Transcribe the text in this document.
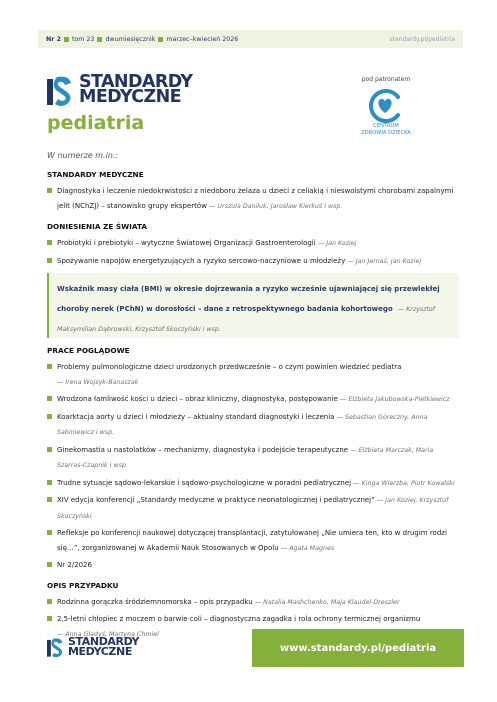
Nr 2 tom 23 dwumiesięcznik marzec–kwiecień 2026	standardy.pl/pediatria
STANDARDY
MEDYCZNE
pediatria
pod patronatem
CENTRUM
ZDROWIA DZIECKA
W numerze m.in.:
STANDARDY MEDYCZNE
Diagnostyka i leczenie niedokrwistości z niedoboru żelaza u dzieci z celiakią i nieswoistymi chorobami zapalnymi jelit (NChZJ) – stanowisko grupy ekspertów — Urszula Daniluk, Jarosław Kierkuś i wsp.
DONIESIENIA ZE ŚWIATA
Probiotyki i prebiotyki – wytyczne Światowej Organizacji Gastroenterologii — Jan Koziej
Spożywanie napojów energetyzujących a ryzyko sercowo-naczyniowe u młodzieży — Jan Jernaś, Jan Koziej
Wskaźnik masy ciała (BMI) w okresie dojrzewania a ryzyko wcześnie ujawniającej się przewlekłej choroby nerek (PChN) w dorosłości – dane z retrospektywnego badania kohortowego — Krzysztof Maksymilian Dąbrowski, Krzysztof Skoczyński i wsp.
PRACE POGLĄDOWE
Problemy pulmonologiczne dzieci urodzonych przedwcześnie – o czym powinien wiedzieć pediatra
— Irena Wojsyk-Banaszak
Wrodzona łamliwość kości u dzieci – obraz kliniczny, diagnostyka, postępowanie — Elżbieta Jakubowska-Pietkiewicz
Koarktacja aorty u dzieci i młodzieży – aktualny standard diagnostyki i leczenia — Sebastian Góreczny, Anna Sabiniewicz i wsp.
Ginekomastia u nastolatków – mechanizmy, diagnostyka i podejście terapeutyczne — Elżbieta Marczak, Maria Szarras-Czapnik i wsp.
Trudne sytuacje sądowo-lekarskie i sądowo-psychologiczne w poradni pediatrycznej — Kinga Wierzba, Piotr Kowalski
XIV edycja konferencji „Standardy medyczne w praktyce neonatologicznej i pediatrycznej” — Jan Koziej, Krzysztof Skoczyński
Refleksje po konferencji naukowej dotyczącej transplantacji, zatytułowanej „Nie umiera ten, kto w drugim rodzi się…”, zorganizowanej w Akademii Nauk Stosowanych w Opolu — Agata Magnes
Nr 2/2026
OPIS PRZYPADKU
Rodzinna gorączka śródziemnomorska – opis przypadku — Natalia Mashchenko, Maja Klaudel-Dreszler
2,5-letni chłopiec z moczem o barwie coli – diagnostyczna zagadka i rola ochrony termicznej organizmu
— Anna Gładyś, Martyna Chmiel
STANDARDY
MEDYCZNE	www.standardy.pl /pediatria
